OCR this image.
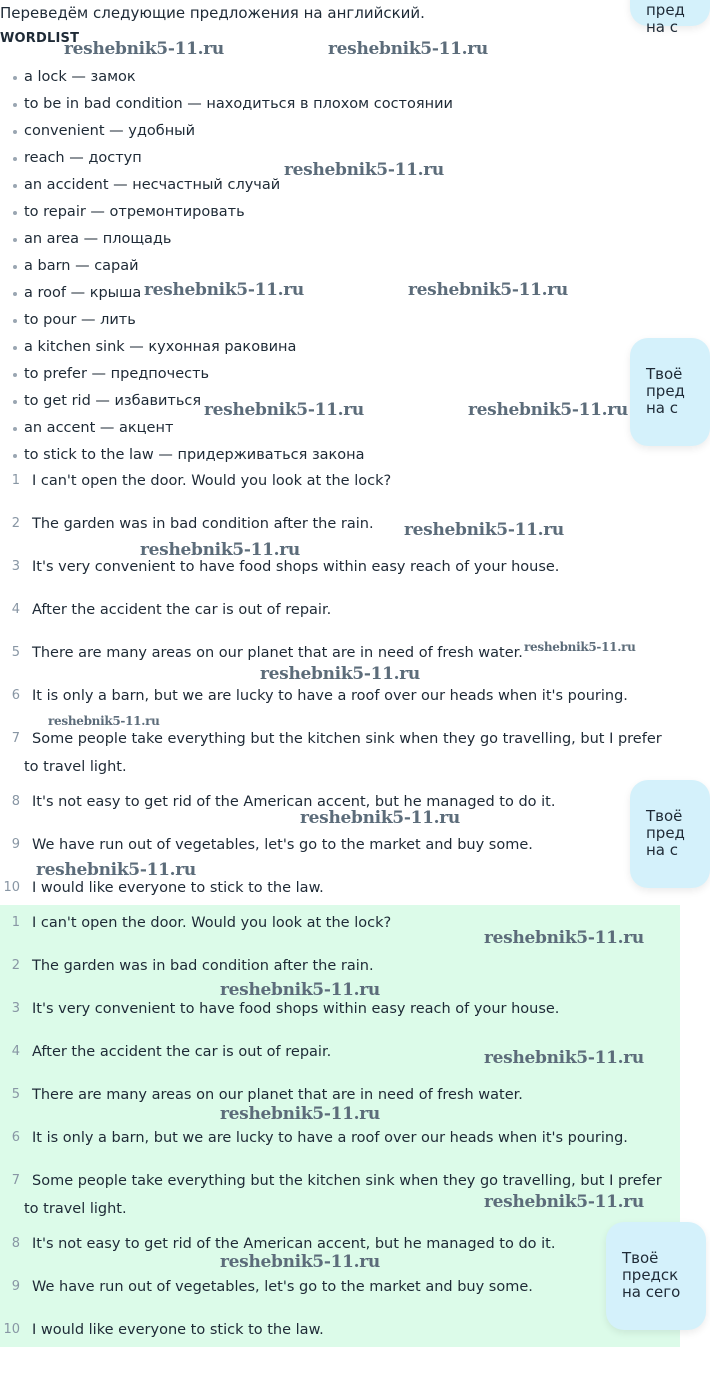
Переведём следующие предложения на английский.
WORDLIST
a lock — замок
to be in bad condition — находиться в плохом состоянии
convenient — удобный
reach — доступ
an accident — несчастный случай
to repair — отремонтировать
an area — площадь
a barn — сарай
a roof — крыша
to pour — лить
a kitchen sink — кухонная раковина
to prefer — предпочесть
to get rid — избавиться
an accent — акцент
to stick to the law — придерживаться закона
1 I can't open the door. Would you look at the lock?
2 The garden was in bad condition after the rain.
3 It's very convenient to have food shops within easy reach of your house.
4 After the accident the car is out of repair.
5 There are many areas on our planet that are in need of fresh water.
6 It is only a barn, but we are lucky to have a roof over our heads when it's pouring.
7 Some people take everything but the kitchen sink when they go travelling, but I prefer
to travel light.
8 It's not easy to get rid of the American accent, but he managed to do it.
9 We have run out of vegetables, let's go to the market and buy some.
10 I would like everyone to stick to the law.
1 I can't open the door. Would you look at the lock?
2 The garden was in bad condition after the rain.
3 It's very convenient to have food shops within easy reach of your house.
4 After the accident the car is out of repair.
5 There are many areas on our planet that are in need of fresh water.
6 It is only a barn, but we are lucky to have a roof over our heads when it's pouring.
7 Some people take everything but the kitchen sink when they go travelling, but I prefer
to travel light.
8 It's not easy to get rid of the American accent, but he managed to do it.
9 We have run out of vegetables, let's go to the market and buy some.
10 I would like everyone to stick to the law.
пред
на с
Твоё
пред
на с
Твоё
пред
на с
Твоё
предск
на сего
reshebnik5-11.ru	reshebnik5-11.ru
reshebnik5-11.ru
reshebnik5-11.ru	reshebnik5-11.ru
reshebnik5-11.ru	reshebnik5-11.ru
reshebnik5-11.ru
reshebnik5-11.ru
reshebnik5-11.ru
reshebnik5-11.ru
reshebnik5-11.ru
reshebnik5-11.ru
reshebnik5-11.ru
reshebnik5-11.ru
reshebnik5-11.ru
reshebnik5-11.ru
reshebnik5-11.ru
reshebnik5-11.ru
reshebnik5-11.ru
